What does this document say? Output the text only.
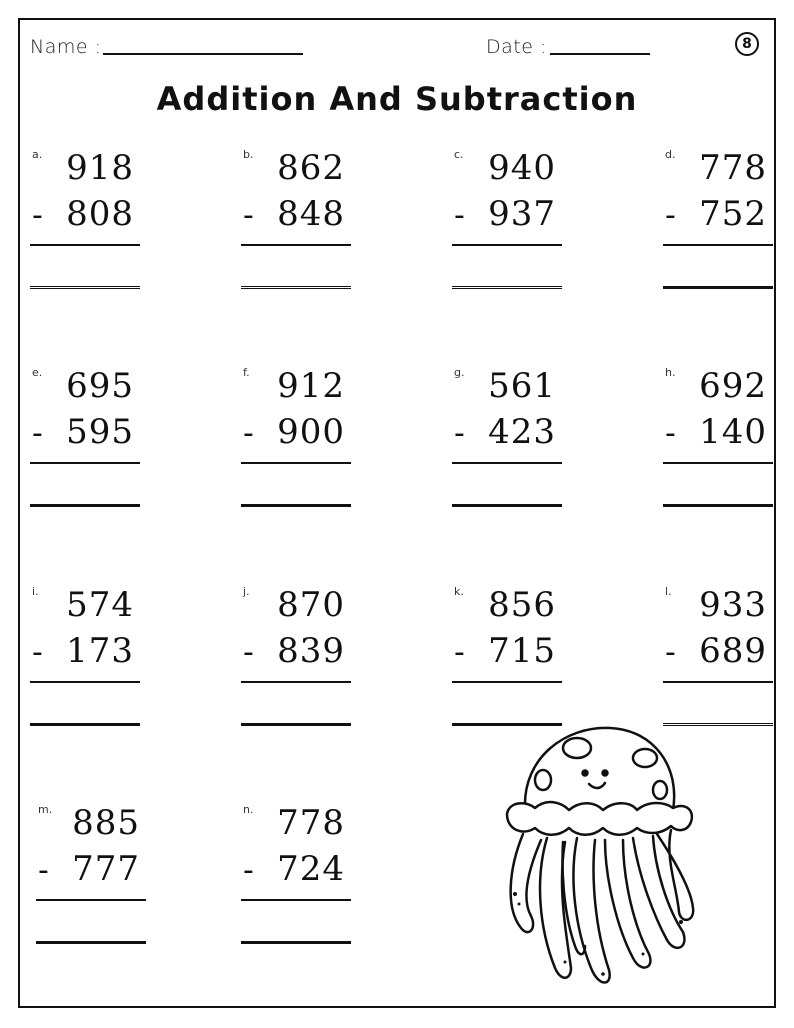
Name :	Date :	8
Addition And Subtraction
a. 918
- 808
b. 862
- 848
c. 940
- 937
d. 778
- 752
e. 695
- 595
f. 912
- 900
g. 561
- 423
h. 692
- 140
i. 574
- 173
j. 870
- 839
k. 856
- 715
l. 933
- 689
m. 885
- 777
n. 778
- 724
